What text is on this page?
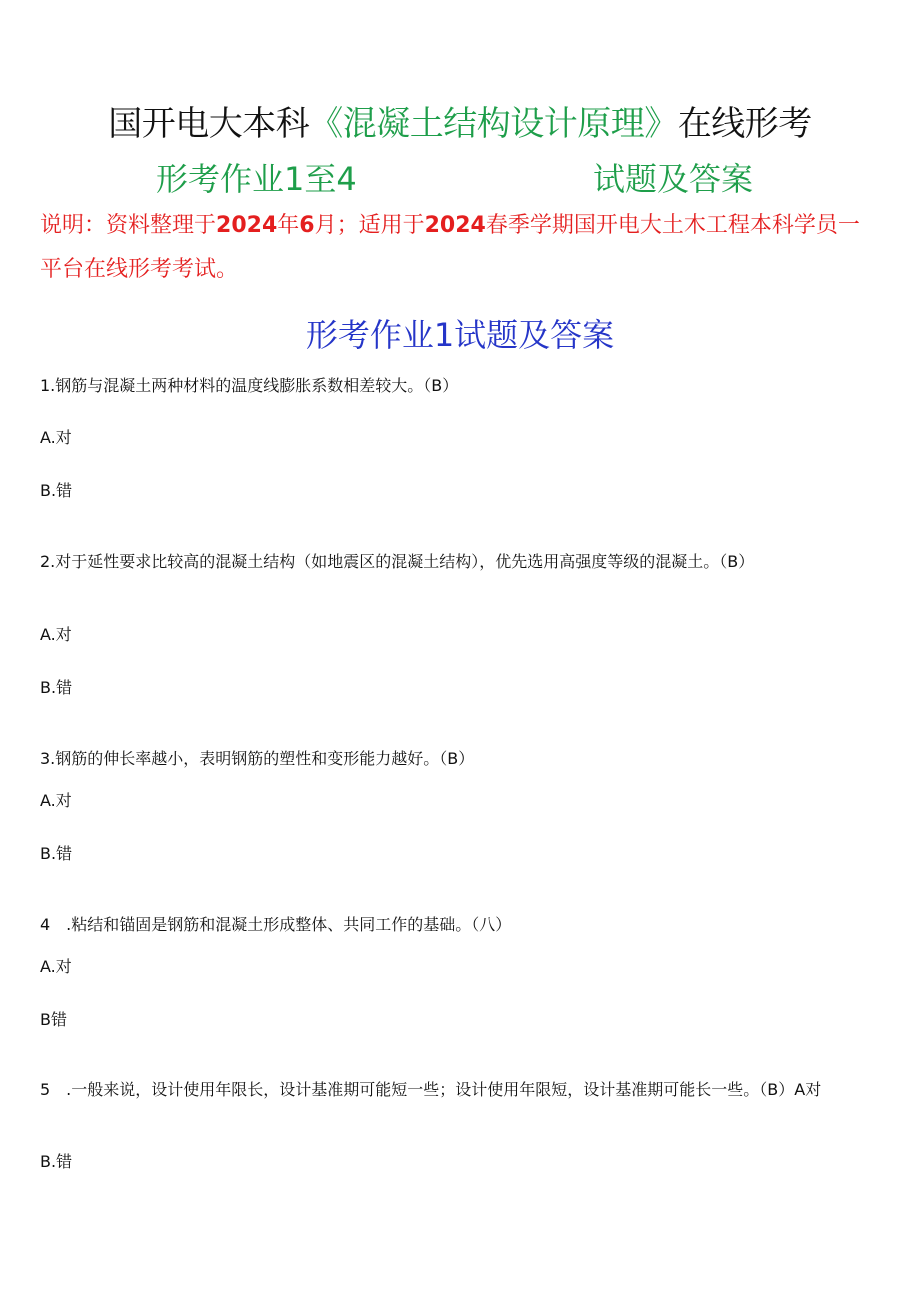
国开电大本科《混凝土结构设计原理》在线形考
形考作业1至4	试题及答案
说明：资料整理于2024年6月；适用于2024春季学期国开电大土木工程本科学员一平台在线形考考试。
形考作业1试题及答案
1.钢筋与混凝土两种材料的温度线膨胀系数相差较大。（B）
A.对
B.错
2.对于延性要求比较高的混凝土结构（如地震区的混凝土结构），优先选用高强度等级的混凝土。（B）
A.对
B.错
3.钢筋的伸长率越小，表明钢筋的塑性和变形能力越好。（B）
A.对
B.错
4　.粘结和锚固是钢筋和混凝土形成整体、共同工作的基础。（八）
A.对
B错
5　.一般来说，设计使用年限长，设计基准期可能短一些；设计使用年限短，设计基准期可能长一些。（B）A对
B.错
